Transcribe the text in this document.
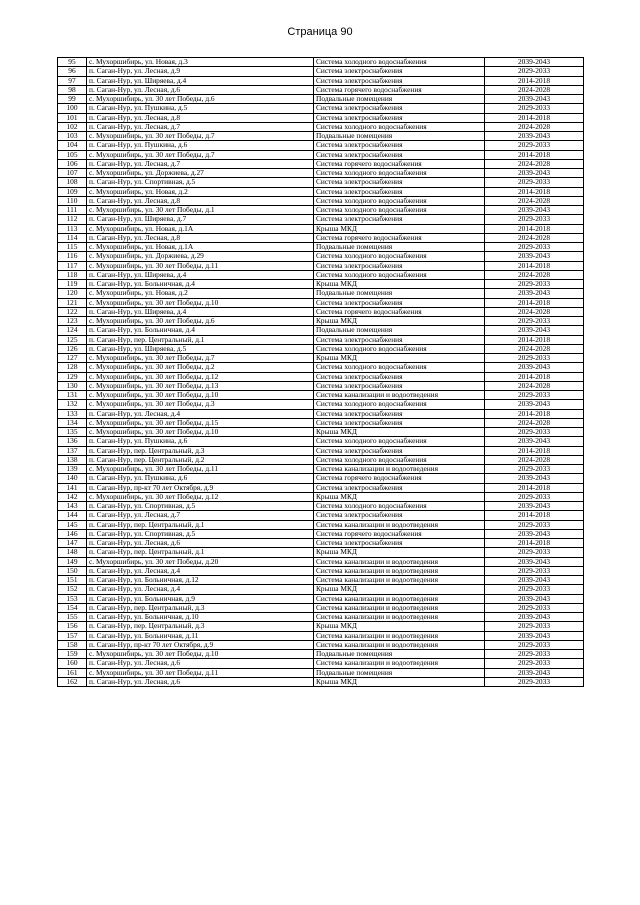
Страница 90
95	с. Мухоршибирь, ул. Новая, д.3	Система холодного водоснабжения	2039-2043
96	п. Саган-Нур, ул. Лесная, д.9	Система электроснабжения	2029-2033
97	п. Саган-Нур, ул. Ширяева, д.4	Система электроснабжения	2014-2018
98	п. Саган-Нур, ул. Лесная, д.6	Система горячего водоснабжения	2024-2028
99	с. Мухоршибирь, ул. 30 лет Победы, д.6	Подвальные помещения	2039-2043
100	п. Саган-Нур, ул. Пушкина, д.5	Система электроснабжения	2029-2033
101	п. Саган-Нур, ул. Лесная, д.8	Система электроснабжения	2014-2018
102	п. Саган-Нур, ул. Лесная, д.7	Система холодного водоснабжения	2024-2028
103	с. Мухоршибирь, ул. 30 лет Победы, д.7	Подвальные помещения	2039-2043
104	п. Саган-Нур, ул. Пушкина, д.6	Система электроснабжения	2029-2033
105	с. Мухоршибирь, ул. 30 лет Победы, д.7	Система электроснабжения	2014-2018
106	п. Саган-Нур, ул. Лесная, д.7	Система горячего водоснабжения	2024-2028
107	с. Мухоршибирь, ул. Доржиева, д.27	Система холодного водоснабжения	2039-2043
108	п. Саган-Нур, ул. Спортивная, д.5	Система электроснабжения	2029-2033
109	с. Мухоршибирь, ул. Новая, д.2	Система электроснабжения	2014-2018
110	п. Саган-Нур, ул. Лесная, д.8	Система холодного водоснабжения	2024-2028
111	с. Мухоршибирь, ул. 30 лет Победы, д.1	Система холодного водоснабжения	2039-2043
112	п. Саган-Нур, ул. Ширяева, д.7	Система электроснабжения	2029-2033
113	с. Мухоршибирь, ул. Новая, д.1А	Крыша МКД	2014-2018
114	п. Саган-Нур, ул. Лесная, д.8	Система горячего водоснабжения	2024-2028
115	с. Мухоршибирь, ул. Новая, д.1А	Подвальные помещения	2029-2033
116	с. Мухоршибирь, ул. Доржиева, д.29	Система холодного водоснабжения	2039-2043
117	с. Мухоршибирь, ул. 30 лет Победы, д.11	Система электроснабжения	2014-2018
118	п. Саган-Нур, ул. Ширяева, д.4	Система холодного водоснабжения	2024-2028
119	п. Саган-Нур, ул. Больничная, д.4	Крыша МКД	2029-2033
120	с. Мухоршибирь, ул. Новая, д.2	Подвальные помещения	2039-2043
121	с. Мухоршибирь, ул. 30 лет Победы, д.10	Система электроснабжения	2014-2018
122	п. Саган-Нур, ул. Ширяева, д.4	Система горячего водоснабжения	2024-2028
123	с. Мухоршибирь, ул. 30 лет Победы, д.6	Крыша МКД	2029-2033
124	п. Саган-Нур, ул. Больничная, д.4	Подвальные помещения	2039-2043
125	п. Саган-Нур, пер. Центральный, д.1	Система электроснабжения	2014-2018
126	п. Саган-Нур, ул. Ширяева, д.5	Система холодного водоснабжения	2024-2028
127	с. Мухоршибирь, ул. 30 лет Победы, д.7	Крыша МКД	2029-2033
128	с. Мухоршибирь, ул. 30 лет Победы, д.2	Система холодного водоснабжения	2039-2043
129	с. Мухоршибирь, ул. 30 лет Победы, д.12	Система электроснабжения	2014-2018
130	с. Мухоршибирь, ул. 30 лет Победы, д.13	Система электроснабжения	2024-2028
131	с. Мухоршибирь, ул. 30 лет Победы, д.10	Система канализации и водоотведения	2029-2033
132	с. Мухоршибирь, ул. 30 лет Победы, д.3	Система холодного водоснабжения	2039-2043
133	п. Саган-Нур, ул. Лесная, д.4	Система электроснабжения	2014-2018
134	с. Мухоршибирь, ул. 30 лет Победы, д.15	Система электроснабжения	2024-2028
135	с. Мухоршибирь, ул. 30 лет Победы, д.10	Крыша МКД	2029-2033
136	п. Саган-Нур, ул. Пушкина, д.6	Система холодного водоснабжения	2039-2043
137	п. Саган-Нур, пер. Центральный, д.3	Система электроснабжения	2014-2018
138	п. Саган-Нур, пер. Центральный, д.2	Система холодного водоснабжения	2024-2028
139	с. Мухоршибирь, ул. 30 лет Победы, д.11	Система канализации и водоотведения	2029-2033
140	п. Саган-Нур, ул. Пушкина, д.6	Система горячего водоснабжения	2039-2043
141	п. Саган-Нур, пр-кт 70 лет Октября, д.9	Система электроснабжения	2014-2018
142	с. Мухоршибирь, ул. 30 лет Победы, д.12	Крыша МКД	2029-2033
143	п. Саган-Нур, ул. Спортивная, д.5	Система холодного водоснабжения	2039-2043
144	п. Саган-Нур, ул. Лесная, д.7	Система электроснабжения	2014-2018
145	п. Саган-Нур, пер. Центральный, д.1	Система канализации и водоотведения	2029-2033
146	п. Саган-Нур, ул. Спортивная, д.5	Система горячего водоснабжения	2039-2043
147	п. Саган-Нур, ул. Лесная, д.6	Система электроснабжения	2014-2018
148	п. Саган-Нур, пер. Центральный, д.1	Крыша МКД	2029-2033
149	с. Мухоршибирь, ул. 30 лет Победы, д.20	Система канализации и водоотведения	2039-2043
150	п. Саган-Нур, ул. Лесная, д.4	Система канализации и водоотведения	2029-2033
151	п. Саган-Нур, ул. Больничная, д.12	Система канализации и водоотведения	2039-2043
152	п. Саган-Нур, ул. Лесная, д.4	Крыша МКД	2029-2033
153	п. Саган-Нур, ул. Больничная, д.9	Система канализации и водоотведения	2039-2043
154	п. Саган-Нур, пер. Центральный, д.3	Система канализации и водоотведения	2029-2033
155	п. Саган-Нур, ул. Больничная, д.10	Система канализации и водоотведения	2039-2043
156	п. Саган-Нур, пер. Центральный, д.3	Крыша МКД	2029-2033
157	п. Саган-Нур, ул. Больничная, д.11	Система канализации и водоотведения	2039-2043
158	п. Саган-Нур, пр-кт 70 лет Октября, д.9	Система канализации и водоотведения	2029-2033
159	с. Мухоршибирь, ул. 30 лет Победы, д.10	Подвальные помещения	2029-2033
160	п. Саган-Нур, ул. Лесная, д.6	Система канализации и водоотведения	2029-2033
161	с. Мухоршибирь, ул. 30 лет Победы, д.11	Подвальные помещения	2039-2043
162	п. Саган-Нур, ул. Лесная, д.6	Крыша МКД	2029-2033
